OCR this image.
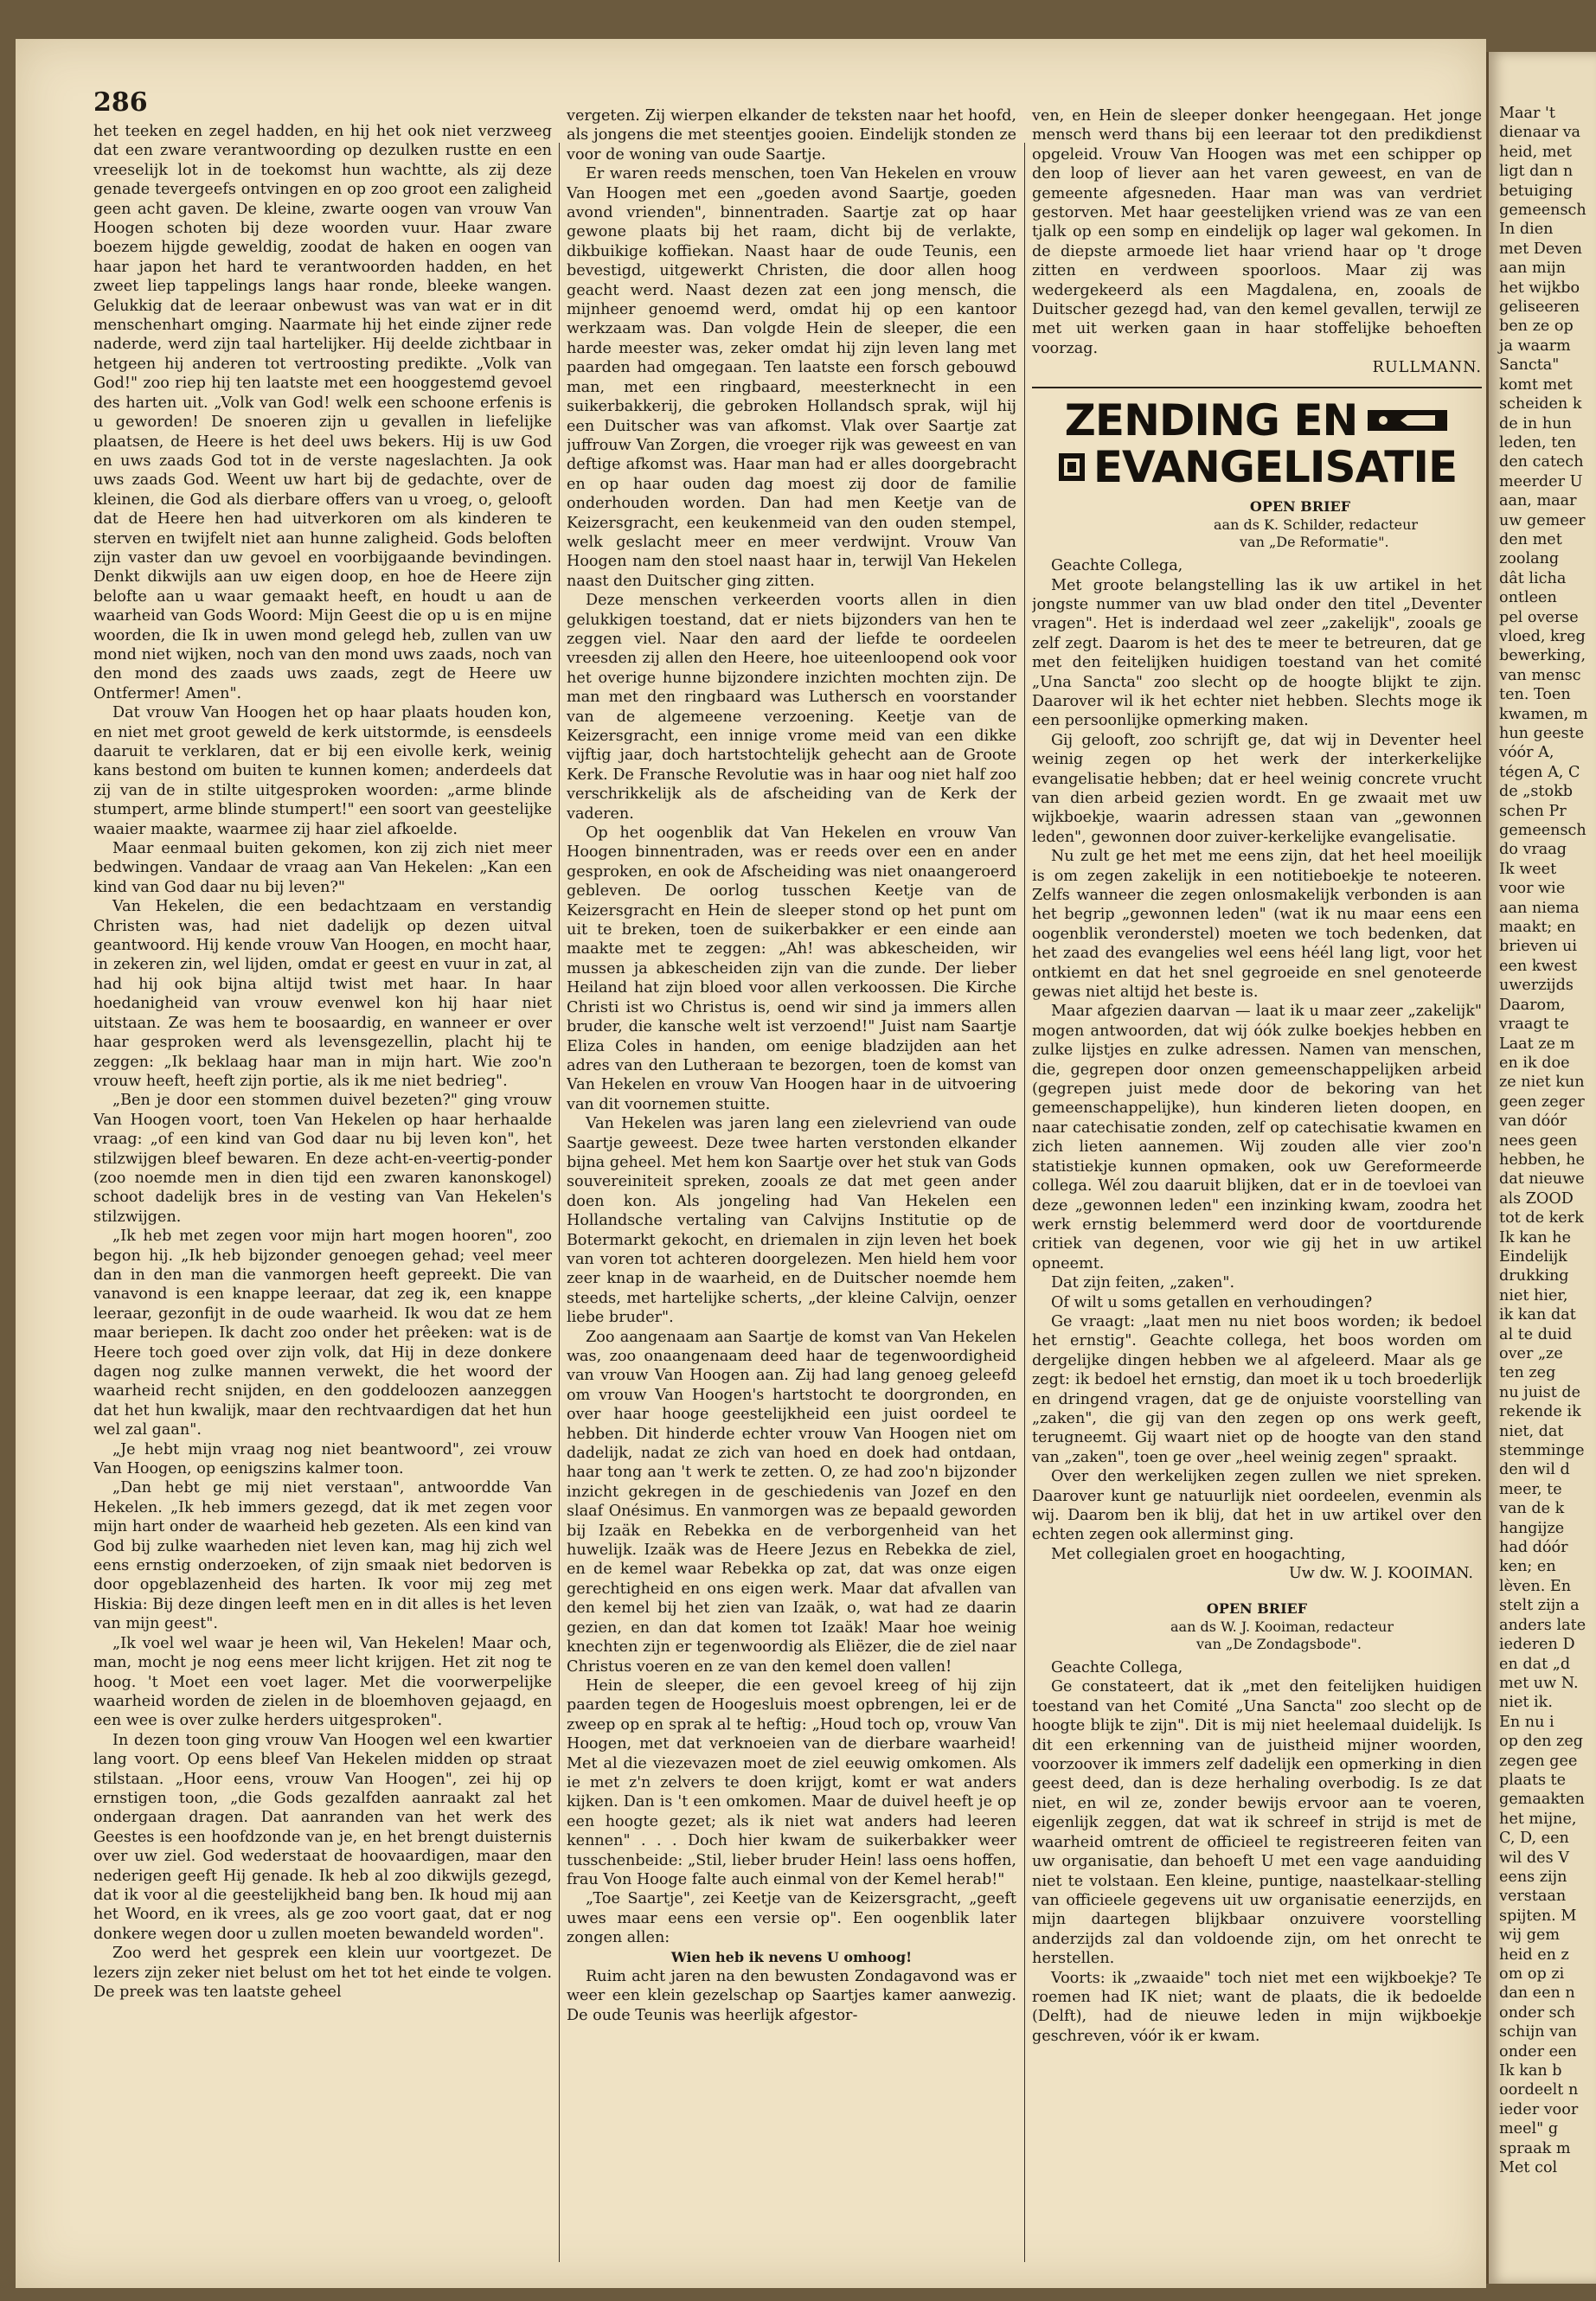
286

het teeken en zegel hadden, en hij het ook niet verzweeg dat een zware verantwoording op dezulken rustte en een vreeselijk lot in de toekomst hun wachtte, als zij deze genade tevergeefs ontvingen en op zoo groot een zaligheid geen acht gaven. De kleine, zwarte oogen van vrouw Van Hoogen schoten bij deze woorden vuur. Haar zware boezem hijgde geweldig, zoodat de haken en oogen van haar japon het hard te verantwoorden hadden, en het zweet liep tappelings langs haar ronde, bleeke wangen. Gelukkig dat de leeraar onbewust was van wat er in dit menschenhart omging. Naarmate hij het einde zijner rede naderde, werd zijn taal hartelijker. Hij deelde zichtbaar in hetgeen hij anderen tot vertroosting predikte. „Volk van God!" zoo riep hij ten laatste met een hooggestemd gevoel des harten uit. „Volk van God! welk een schoone erfenis is u geworden! De snoeren zijn u gevallen in liefelijke plaatsen, de Heere is het deel uws bekers. Hij is uw God en uws zaads God tot in de verste nageslachten. Ja ook uws zaads God. Weent uw hart bij de gedachte, over de kleinen, die God als dierbare offers van u vroeg, o, gelooft dat de Heere hen had uitverkoren om als kinderen te sterven en twijfelt niet aan hunne zaligheid. Gods beloften zijn vaster dan uw gevoel en voorbijgaande bevindingen. Denkt dikwijls aan uw eigen doop, en hoe de Heere zijn belofte aan u waar gemaakt heeft, en houdt u aan de waarheid van Gods Woord: Mijn Geest die op u is en mijne woorden, die Ik in uwen mond gelegd heb, zullen van uw mond niet wijken, noch van den mond uws zaads, noch van den mond des zaads uws zaads, zegt de Heere uw Ontfermer! Amen".

Dat vrouw Van Hoogen het op haar plaats houden kon, en niet met groot geweld de kerk uitstormde, is eensdeels daaruit te verklaren, dat er bij een eivolle kerk, weinig kans bestond om buiten te kunnen komen; anderdeels dat zij van de in stilte uitgesproken woorden: „arme blinde stumpert, arme blinde stumpert!" een soort van geestelijke waaier maakte, waarmee zij haar ziel afkoelde.

Maar eenmaal buiten gekomen, kon zij zich niet meer bedwingen. Vandaar de vraag aan Van Hekelen: „Kan een kind van God daar nu bij leven?"

Van Hekelen, die een bedachtzaam en verstandig Christen was, had niet dadelijk op dezen uitval geantwoord. Hij kende vrouw Van Hoogen, en mocht haar, in zekeren zin, wel lijden, omdat er geest en vuur in zat, al had hij ook bijna altijd twist met haar. In haar hoedanigheid van vrouw evenwel kon hij haar niet uitstaan. Ze was hem te boosaardig, en wanneer er over haar gesproken werd als levensgezellin, placht hij te zeggen: „Ik beklaag haar man in mijn hart. Wie zoo'n vrouw heeft, heeft zijn portie, als ik me niet bedrieg".

„Ben je door een stommen duivel bezeten?" ging vrouw Van Hoogen voort, toen Van Hekelen op haar herhaalde vraag: „of een kind van God daar nu bij leven kon", het stilzwijgen bleef bewaren. En deze acht-en-veertig-ponder (zoo noemde men in dien tijd een zwaren kanonskogel) schoot dadelijk bres in de vesting van Van Hekelen's stilzwijgen.

„Ik heb met zegen voor mijn hart mogen hooren", zoo begon hij. „Ik heb bijzonder genoegen gehad; veel meer dan in den man die vanmorgen heeft gepreekt. Die van vanavond is een knappe leeraar, dat zeg ik, een knappe leeraar, gezonfijt in de oude waarheid. Ik wou dat ze hem maar beriepen. Ik dacht zoo onder het prêeken: wat is de Heere toch goed over zijn volk, dat Hij in deze donkere dagen nog zulke mannen verwekt, die het woord der waarheid recht snijden, en den goddeloozen aanzeggen dat het hun kwalijk, maar den rechtvaardigen dat het hun wel zal gaan".

„Je hebt mijn vraag nog niet beantwoord", zei vrouw Van Hoogen, op eenigszins kalmer toon.

„Dan hebt ge mij niet verstaan", antwoordde Van Hekelen. „Ik heb immers gezegd, dat ik met zegen voor mijn hart onder de waarheid heb gezeten. Als een kind van God bij zulke waarheden niet leven kan, mag hij zich wel eens ernstig onderzoeken, of zijn smaak niet bedorven is door opgeblazenheid des harten. Ik voor mij zeg met Hiskia: Bij deze dingen leeft men en in dit alles is het leven van mijn geest".

„Ik voel wel waar je heen wil, Van Hekelen! Maar och, man, mocht je nog eens meer licht krijgen. Het zit nog te hoog. 't Moet een voet lager. Met die voorwerpelijke waarheid worden de zielen in de bloemhoven gejaagd, en een wee is over zulke herders uitgesproken".

In dezen toon ging vrouw Van Hoogen wel een kwartier lang voort. Op eens bleef Van Hekelen midden op straat stilstaan. „Hoor eens, vrouw Van Hoogen", zei hij op ernstigen toon, „die Gods gezalfden aanraakt zal het ondergaan dragen. Dat aanranden van het werk des Geestes is een hoofdzonde van je, en het brengt duisternis over uw ziel. God wederstaat de hoovaardigen, maar den nederigen geeft Hij genade. Ik heb al zoo dikwijls gezegd, dat ik voor al die geestelijkheid bang ben. Ik houd mij aan het Woord, en ik vrees, als ge zoo voort gaat, dat er nog donkere wegen door u zullen moeten bewandeld worden".

Zoo werd het gesprek een klein uur voortgezet. De lezers zijn zeker niet belust om het tot het einde te volgen. De preek was ten laatste geheel

vergeten. Zij wierpen elkander de teksten naar het hoofd, als jongens die met steentjes gooien. Eindelijk stonden ze voor de woning van oude Saartje.

Er waren reeds menschen, toen Van Hekelen en vrouw Van Hoogen met een „goeden avond Saartje, goeden avond vrienden", binnentraden. Saartje zat op haar gewone plaats bij het raam, dicht bij de verlakte, dikbuikige koffiekan. Naast haar de oude Teunis, een bevestigd, uitgewerkt Christen, die door allen hoog geacht werd. Naast dezen zat een jong mensch, die mijnheer genoemd werd, omdat hij op een kantoor werkzaam was. Dan volgde Hein de sleeper, die een harde meester was, zeker omdat hij zijn leven lang met paarden had omgegaan. Ten laatste een forsch gebouwd man, met een ringbaard, meesterknecht in een suikerbakkerij, die gebroken Hollandsch sprak, wijl hij een Duitscher was van afkomst. Vlak over Saartje zat juffrouw Van Zorgen, die vroeger rijk was geweest en van deftige afkomst was. Haar man had er alles doorgebracht en op haar ouden dag moest zij door de familie onderhouden worden. Dan had men Keetje van de Keizersgracht, een keukenmeid van den ouden stempel, welk geslacht meer en meer verdwijnt. Vrouw Van Hoogen nam den stoel naast haar in, terwijl Van Hekelen naast den Duitscher ging zitten.

Deze menschen verkeerden voorts allen in dien gelukkigen toestand, dat er niets bijzonders van hen te zeggen viel. Naar den aard der liefde te oordeelen vreesden zij allen den Heere, hoe uiteenloopend ook voor het overige hunne bijzondere inzichten mochten zijn. De man met den ringbaard was Luthersch en voorstander van de algemeene verzoening. Keetje van de Keizersgracht, een innige vrome meid van een dikke vijftig jaar, doch hartstochtelijk gehecht aan de Groote Kerk. De Fransche Revolutie was in haar oog niet half zoo verschrikkelijk als de afscheiding van de Kerk der vaderen.

Op het oogenblik dat Van Hekelen en vrouw Van Hoogen binnentraden, was er reeds over een en ander gesproken, en ook de Afscheiding was niet onaangeroerd gebleven. De oorlog tusschen Keetje van de Keizersgracht en Hein de sleeper stond op het punt om uit te breken, toen de suikerbakker er een einde aan maakte met te zeggen: „Ah! was abkescheiden, wir mussen ja abkescheiden zijn van die zunde. Der lieber Heiland hat zijn bloed voor allen verkoossen. Die Kirche Christi ist wo Christus is, oend wir sind ja immers allen bruder, die kansche welt ist verzoend!" Juist nam Saartje Eliza Coles in handen, om eenige bladzijden aan het adres van den Lutheraan te bezorgen, toen de komst van Van Hekelen en vrouw Van Hoogen haar in de uitvoering van dit voornemen stuitte.

Van Hekelen was jaren lang een zielevriend van oude Saartje geweest. Deze twee harten verstonden elkander bijna geheel. Met hem kon Saartje over het stuk van Gods souvereiniteit spreken, zooals ze dat met geen ander doen kon. Als jongeling had Van Hekelen een Hollandsche vertaling van Calvijns Institutie op de Botermarkt gekocht, en driemalen in zijn leven het boek van voren tot achteren doorgelezen. Men hield hem voor zeer knap in de waarheid, en de Duitscher noemde hem steeds, met hartelijke scherts, „der kleine Calvijn, oenzer liebe bruder".

Zoo aangenaam aan Saartje de komst van Van Hekelen was, zoo onaangenaam deed haar de tegenwoordigheid van vrouw Van Hoogen aan. Zij had lang genoeg geleefd om vrouw Van Hoogen's hartstocht te doorgronden, en over haar hooge geestelijkheid een juist oordeel te hebben. Dit hinderde echter vrouw Van Hoogen niet om dadelijk, nadat ze zich van hoed en doek had ontdaan, haar tong aan 't werk te zetten. O, ze had zoo'n bijzonder inzicht gekregen in de geschiedenis van Jozef en den slaaf Onésimus. En vanmorgen was ze bepaald geworden bij Izaäk en Rebekka en de verborgenheid van het huwelijk. Izaäk was de Heere Jezus en Rebekka de ziel, en de kemel waar Rebekka op zat, dat was onze eigen gerechtigheid en ons eigen werk. Maar dat afvallen van den kemel bij het zien van Izaäk, o, wat had ze daarin gezien, en dan dat komen tot Izaäk! Maar hoe weinig knechten zijn er tegenwoordig als Eliëzer, die de ziel naar Christus voeren en ze van den kemel doen vallen!

Hein de sleeper, die een gevoel kreeg of hij zijn paarden tegen de Hoogesluis moest opbrengen, lei er de zweep op en sprak al te heftig: „Houd toch op, vrouw Van Hoogen, met dat verknoeien van de dierbare waarheid! Met al die viezevazen moet de ziel eeuwig omkomen. Als ie met z'n zelvers te doen krijgt, komt er wat anders kijken. Dan is 't een omkomen. Maar de duivel heeft je op een hoogte gezet; als ik niet wat anders had leeren kennen" . . . Doch hier kwam de suikerbakker weer tusschenbeide: „Stil, lieber bruder Hein! lass oens hoffen, frau Von Hooge falte auch einmal von der Kemel herab!"

„Toe Saartje", zei Keetje van de Keizersgracht, „geeft uwes maar eens een versie op". Een oogenblik later zongen allen:

Wien heb ik nevens U omhoog!

Ruim acht jaren na den bewusten Zondagavond was er weer een klein gezelschap op Saartjes kamer aanwezig. De oude Teunis was heerlijk afgestor-

ven, en Hein de sleeper donker heengegaan. Het jonge mensch werd thans bij een leeraar tot den predikdienst opgeleid. Vrouw Van Hoogen was met een schipper op den loop of liever aan het varen geweest, en van de gemeente afgesneden. Haar man was van verdriet gestorven. Met haar geestelijken vriend was ze van een tjalk op een somp en eindelijk op lager wal gekomen. In de diepste armoede liet haar vriend haar op 't droge zitten en verdween spoorloos. Maar zij was wedergekeerd als een Magdalena, en, zooals de Duitscher gezegd had, van den kemel gevallen, terwijl ze met uit werken gaan in haar stoffelijke behoeften voorzag.

RULLMANN.

ZENDING EN
EVANGELISATIE

OPEN BRIEF

aan ds K. Schilder, redacteur

van „De Reformatie".

Geachte Collega,

Met groote belangstelling las ik uw artikel in het jongste nummer van uw blad onder den titel „Deventer vragen". Het is inderdaad wel zeer „zakelijk", zooals ge zelf zegt. Daarom is het des te meer te betreuren, dat ge met den feitelijken huidigen toestand van het comité „Una Sancta" zoo slecht op de hoogte blijkt te zijn. Daarover wil ik het echter niet hebben. Slechts moge ik een persoonlijke opmerking maken.

Gij gelooft, zoo schrijft ge, dat wij in Deventer heel weinig zegen op het werk der interkerkelijke evangelisatie hebben; dat er heel weinig concrete vrucht van dien arbeid gezien wordt. En ge zwaait met uw wijkboekje, waarin adressen staan van „gewonnen leden", gewonnen door zuiver-kerkelijke evangelisatie.

Nu zult ge het met me eens zijn, dat het heel moeilijk is om zegen zakelijk in een notitieboekje te noteeren. Zelfs wanneer die zegen onlosmakelijk verbonden is aan het begrip „gewonnen leden" (wat ik nu maar eens een oogenblik veronderstel) moeten we toch bedenken, dat het zaad des evangelies wel eens héél lang ligt, voor het ontkiemt en dat het snel gegroeide en snel genoteerde gewas niet altijd het beste is.

Maar afgezien daarvan — laat ik u maar zeer „zakelijk" mogen antwoorden, dat wij óók zulke boekjes hebben en zulke lijstjes en zulke adressen. Namen van menschen, die, gegrepen door onzen gemeenschappelijken arbeid (gegrepen juist mede door de bekoring van het gemeenschappelijke), hun kinderen lieten doopen, en naar catechisatie zonden, zelf op catechisatie kwamen en zich lieten aannemen. Wij zouden alle vier zoo'n statistiekje kunnen opmaken, ook uw Gereformeerde collega. Wél zou daaruit blijken, dat er in de toevloei van deze „gewonnen leden" een inzinking kwam, zoodra het werk ernstig belemmerd werd door de voortdurende critiek van degenen, voor wie gij het in uw artikel opneemt.

Dat zijn feiten, „zaken".

Of wilt u soms getallen en verhoudingen?

Ge vraagt: „laat men nu niet boos worden; ik bedoel het ernstig". Geachte collega, het boos worden om dergelijke dingen hebben we al afgeleerd. Maar als ge zegt: ik bedoel het ernstig, dan moet ik u toch broederlijk en dringend vragen, dat ge de onjuiste voorstelling van „zaken", die gij van den zegen op ons werk geeft, terugneemt. Gij waart niet op de hoogte van den stand van „zaken", toen ge over „heel weinig zegen" spraakt.

Over den werkelijken zegen zullen we niet spreken. Daarover kunt ge natuurlijk niet oordeelen, evenmin als wij. Daarom ben ik blij, dat het in uw artikel over den echten zegen ook allerminst ging.

Met collegialen groet en hoogachting,

Uw dw. W. J. KOOIMAN.

OPEN BRIEF

aan ds W. J. Kooiman, redacteur

van „De Zondagsbode".

Geachte Collega,

Ge constateert, dat ik „met den feitelijken huidigen toestand van het Comité „Una Sancta" zoo slecht op de hoogte blijk te zijn". Dit is mij niet heelemaal duidelijk. Is dit een erkenning van de juistheid mijner woorden, voorzoover ik immers zelf dadelijk een opmerking in dien geest deed, dan is deze herhaling overbodig. Is ze dat niet, en wil ze, zonder bewijs ervoor aan te voeren, eigenlijk zeggen, dat wat ik schreef in strijd is met de waarheid omtrent de officieel te registreeren feiten van uw organisatie, dan behoeft U met een vage aanduiding niet te volstaan. Een kleine, puntige, naastelkaar-stelling van officieele gegevens uit uw organisatie eenerzijds, en mijn daartegen blijkbaar onzuivere voorstelling anderzijds zal dan voldoende zijn, om het onrecht te herstellen.

Voorts: ik „zwaaide" toch niet met een wijkboekje? Te roemen had IK niet; want de plaats, die ik bedoelde (Delft), had de nieuwe leden in mijn wijkboekje geschreven, vóór ik er kwam.

Maar 't
dienaar va
heid, met
ligt dan n
betuiging
gemeensch
In dien
met Deven
aan mijn
het wijkbo
geliseeren
ben ze op
ja waarm
Sancta"
komt met
scheiden k
de in hun
leden, ten
den catech
meerder U
aan, maar
uw gemeer
den met
zoolang
dât licha
ontleen
pel overse
vloed, kreg
bewerking,
van mensc
ten. Toen
kwamen, m
hun geeste
vóór A,
tégen A, C
de „stokb
schen Pr
gemeensch
do vraag
Ik weet
voor wie
aan niema
maakt; en
brieven ui
een kwest
uwerzijds
Daarom,
vraagt te
Laat ze m
en ik doe
ze niet kun
geen zeger
van dóór
nees geen
hebben, he
dat nieuwe
als ZOOD
tot de kerk
Ik kan he
Eindelijk
drukking
niet hier,
ik kan dat
al te duid
over „ze
ten zeg
nu juist de
rekende ik
niet, dat
stemminge
den wil d
meer, te
van de k
hangijze
had dóór
ken; en
lèven. En
stelt zijn a
anders late
iederen D
en dat „d
met uw N.
niet ik.
En nu i
op den zeg
zegen gee
plaats te
gemaakten
het mijne,
C, D, een
wil des V
eens zijn
verstaan
spijten. M
wij gem
heid en z
om op zi
dan een n
onder sch
schijn van
onder een
Ik kan b
oordeelt n
ieder voor
meel" g
spraak m
Met col
